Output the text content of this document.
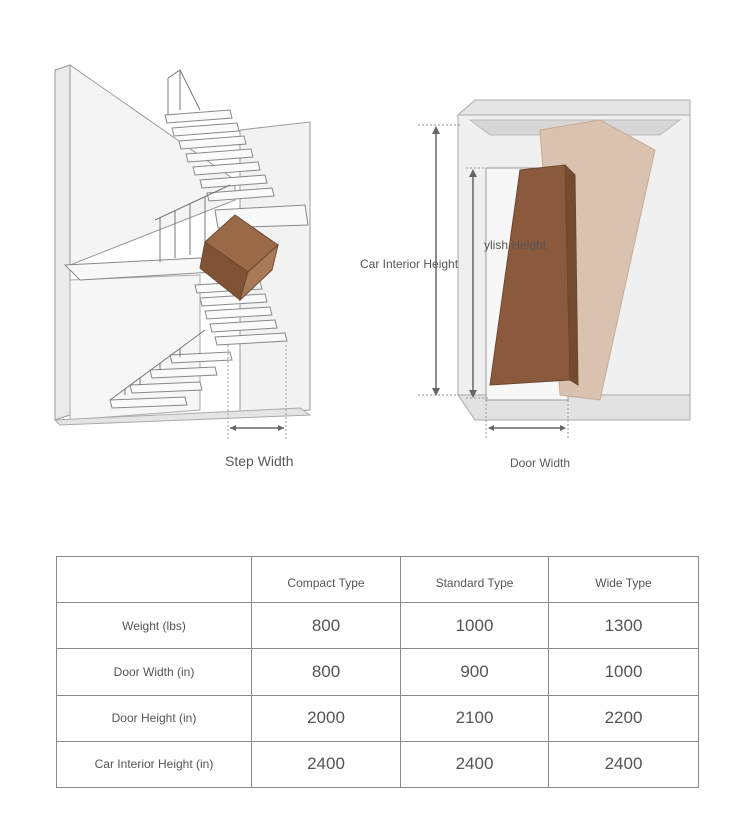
Step Width	Door Width
Car Interior Height
ylish Height
	Compact Type	Standard Type	Wide Type
Weight (lbs)	800	1000	1300
Door Width (in)	800	900	1000
Door Height (in)	2000	2100	2200
Car Interior Height (in)	2400	2400	2400
